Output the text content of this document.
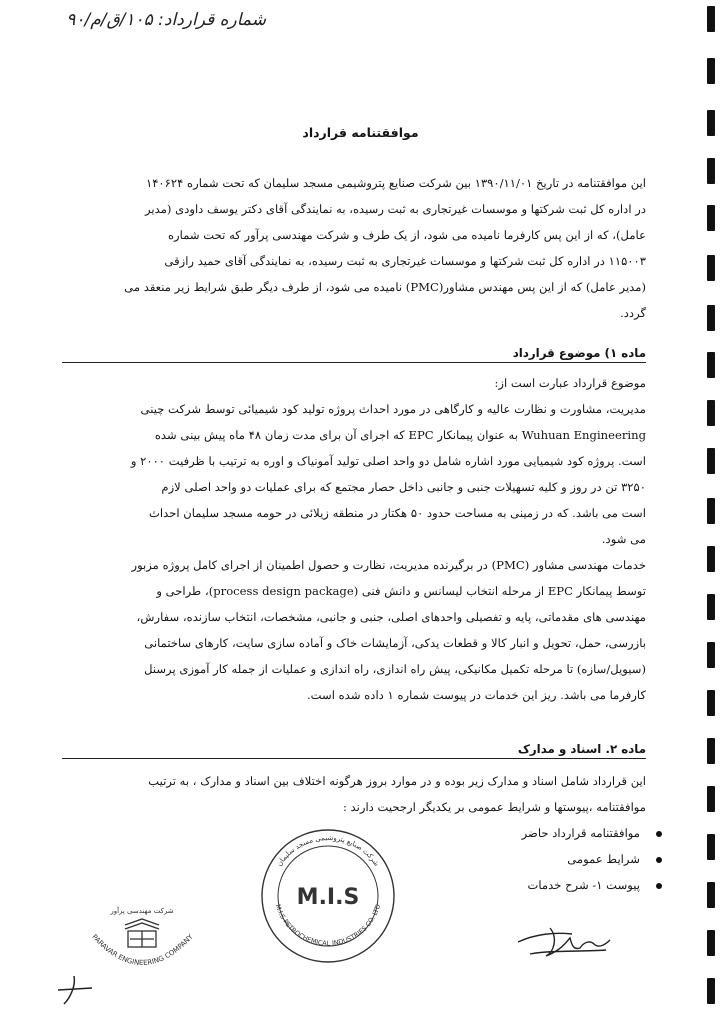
شماره قرارداد: ۱۰۵/ق/م/۹۰
موافقتنامه قرارداد

این موافقتنامه در تاریخ ۱۳۹۰/۱۱/۰۱ بین شرکت صنایع پتروشیمی مسجد سلیمان که تحت شماره ۱۴۰۶۲۴

در اداره کل ثبت شرکتها و موسسات غیرتجاری به ثبت رسیده، به نمایندگی آقای دکتر یوسف داودی (مدیر

عامل)، که از این پس کارفرما نامیده می شود، از یک طرف و شرکت مهندسی پرآور که تحت شماره

۱۱۵۰۰۳ در اداره کل ثبت شرکتها و موسسات غیرتجاری به ثبت رسیده، به نمایندگی آقای حمید رازقی

(مدیر عامل) که از این پس مهندس مشاور(PMC) نامیده می شود، از طرف دیگر طبق شرایط زیر منعقد می

گردد.

ماده ۱) موضوع قرارداد

موضوع قرارداد عبارت است از:

مدیریت، مشاورت و نظارت عالیه و کارگاهی در مورد احداث پروژه تولید کود شیمیائی توسط شرکت چینی

Wuhuan Engineering به عنوان پیمانکار EPC که اجرای آن برای مدت زمان ۴۸ ماه پیش بینی شده

است. پروژه کود شیمیایی مورد اشاره شامل دو واحد اصلی تولید آمونیاک و اوره به ترتیب با ظرفیت ۲۰۰۰ و

۳۲۵۰ تن در روز و کلیه تسهیلات جنبی و جانبی داخل حصار مجتمع که برای عملیات دو واحد اصلی لازم

است می باشد. که در زمینی به مساحت حدود ۵۰ هکتار در منطقه زیلائی در حومه مسجد سلیمان احداث

می شود.

خدمات مهندسی مشاور (PMC) در برگیرنده مدیریت، نظارت و حصول اطمینان از اجرای کامل پروژه مزبور

توسط پیمانکار EPC از مرحله انتخاب لیسانس و دانش فنی (process design package)، طراحی و

مهندسی های مقدماتی، پایه و تفصیلی واحدهای اصلی، جنبی و جانبی، مشخصات، انتخاب سازنده، سفارش،

بازرسی، حمل، تحویل و انبار کالا و قطعات یدکی، آزمایشات خاک و آماده سازی سایت، کارهای ساختمانی

(سیویل/سازه) تا مرحله تکمیل مکانیکی، پیش راه اندازی، راه اندازی و عملیات از جمله کار آموزی پرسنل

کارفرما می باشد. ریز این خدمات در پیوست شماره ۱ داده شده است.

ماده ۲. اسناد و مدارک

این قرارداد شامل اسناد و مدارک زیر بوده و در موارد بروز هرگونه اختلاف بین اسناد و مدارک ، به ترتیب

موافقتنامه ،پیوستها و شرایط عمومی بر یکدیگر ارجحیت دارند :

موافقتنامه قرارداد حاضر
شرایط عمومی
پیوست ۱- شرح خدمات
شرکت مهندسی پرآور
PARAVAR ENGINEERING COMPANY
شرکت صنایع پتروشیمی مسجد سلیمان
M.I.S PETROCHEMICAL INDUSTRIES CO. LTD
M.I.S
